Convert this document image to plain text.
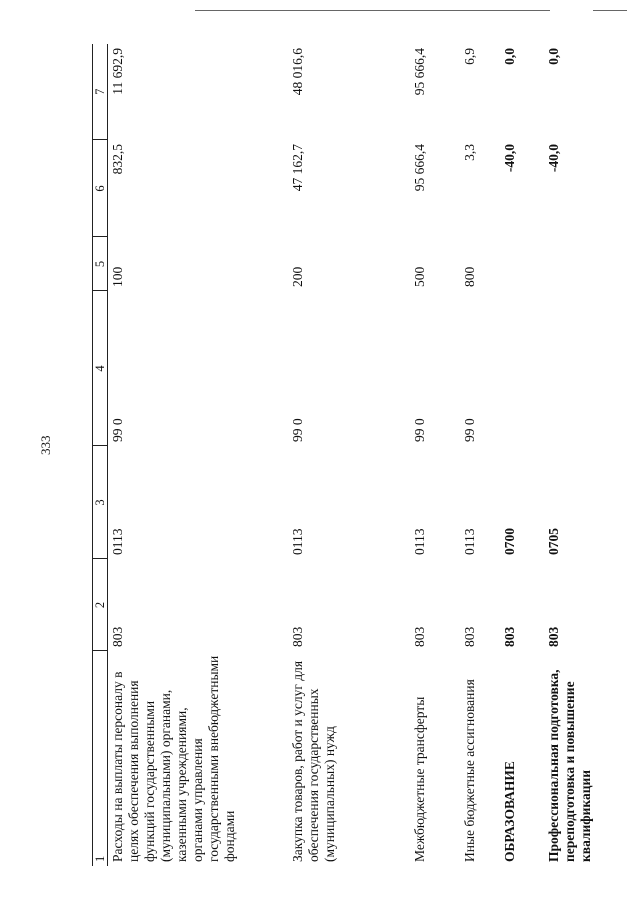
333
1	2	3	4	5	6	7
Расходы на выплаты персоналу в целях обеспечения выполнения функций государственными (муниципальными) органами, казенными учреждениями, органами управления государственными внебюджетными фондами	803	0113	99 0	100	832,5	11 692,9
Закупка товаров, работ и услуг для обеспечения государственных (муниципальных) нужд	803	0113	99 0	200	47 162,7	48 016,6
Межбюджетные трансферты	803	0113	99 0	500	95 666,4	95 666,4
Иные бюджетные ассигнования	803	0113	99 0	800	3,3	6,9
ОБРАЗОВАНИЕ	803	0700			-40,0	0,0
Профессиональная подготовка, переподготовка и повышение квалификации	803	0705			-40,0	0,0
